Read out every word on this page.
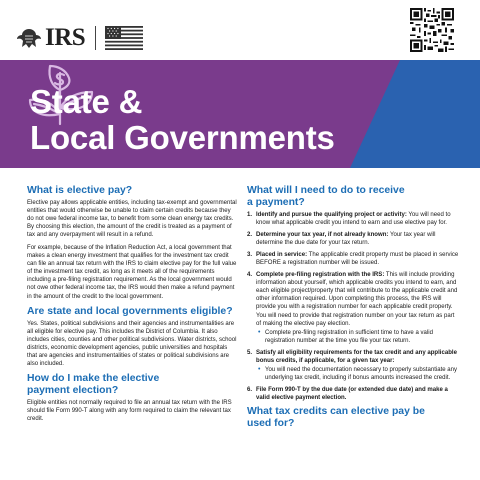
IRS
State &
Local Governments
What is elective pay?

Elective pay allows applicable entities, including tax-exempt and governmental entities that would otherwise be unable to claim certain credits because they do not owe federal income tax, to benefit from some clean energy tax credits. By choosing this election, the amount of the credit is treated as a payment of tax and any overpayment will result in a refund.

For example, because of the Inflation Reduction Act, a local government that makes a clean energy investment that qualifies for the investment tax credit can file an annual tax return with the IRS to claim elective pay for the full value of the investment tax credit, as long as it meets all of the requirements including a pre-filing registration requirement. As the local government would not owe other federal income tax, the IRS would then make a refund payment in the amount of the credit to the local government.

Are state and local governments eligible?

Yes. States, political subdivisions and their agencies and instrumentalities are all eligible for elective pay. This includes the District of Columbia. It also includes cities, counties and other political subdivisions. Water districts, school districts, economic development agencies, public universities and hospitals that are agencies and instrumentalities of states or political subdivisions are also included.

How do I make the elective
payment election?

Eligible entities not normally required to file an annual tax return with the IRS should file Form 990-T along with any form required to claim the relevant tax credit.

What will I need to do to receive
a payment?
1. Identify and pursue the qualifying project or activity: You will need to know what applicable credit you intend to earn and use elective pay for.
2. Determine your tax year, if not already known: Your tax year will determine the due date for your tax return.
3. Placed in service: The applicable credit property must be placed in service BEFORE a registration number will be issued.
4. Complete pre-filing registration with the IRS: This will include providing information about yourself, which applicable credits you intend to earn, and each eligible project/property that will contribute to the applicable credit and other information required. Upon completing this process, the IRS will provide you with a registration number for each applicable credit property. You will need to provide that registration number on your tax return as part of making the elective pay election.
• Complete pre-filing registration in sufficient time to have a valid registration number at the time you file your tax return.
5. Satisfy all eligibility requirements for the tax credit and any applicable bonus credits, if applicable, for a given tax year:
• You will need the documentation necessary to properly substantiate any underlying tax credit, including if bonus amounts increased the credit.
6. File Form 990-T by the due date (or extended due date) and make a valid elective payment election.
What tax credits can elective pay be
used for?
